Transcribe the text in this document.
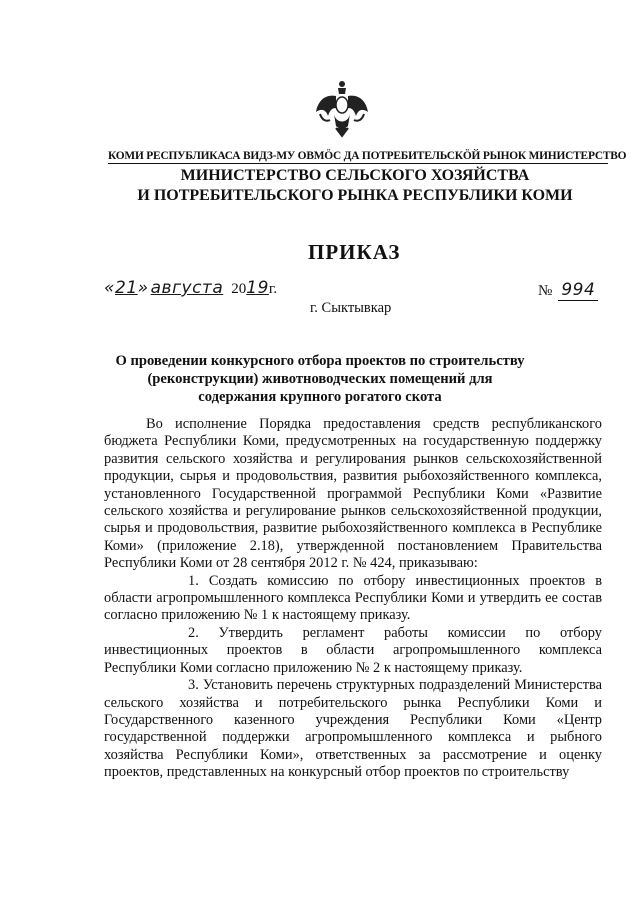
КОМИ РЕСПУБЛИКАСА ВИДЗ-МУ ОВМÖС ДА ПОТРЕБИТЕЛЬСКÖЙ РЫНОК МИНИСТЕРСТВО
МИНИСТЕРСТВО СЕЛЬСКОГО ХОЗЯЙСТВА
И ПОТРЕБИТЕЛЬСКОГО РЫНКА РЕСПУБЛИКИ КОМИ
ПРИКАЗ
«21» августа 2019г.	№ 994
г. Сыктывкар
О проведении конкурсного отбора проектов по строительству (реконструкции) животноводческих помещений для содержания крупного рогатого скота

Во исполнение Порядка предоставления средств республиканского бюджета Республики Коми, предусмотренных на государственную поддержку развития сельского хозяйства и регулирования рынков сельскохозяйственной продукции, сырья и продовольствия, развития рыбохозяйственного комплекса, установленного Государственной программой Республики Коми «Развитие сельского хозяйства и регулирование рынков сельскохозяйственной продукции, сырья и продовольствия, развитие рыбохозяйственного комплекса в Республике Коми» (приложение 2.18), утвержденной постановлением Правительства Республики Коми от 28 сентября 2012 г. № 424, приказываю:

1. Создать комиссию по отбору инвестиционных проектов в области агропромышленного комплекса Республики Коми и утвердить ее состав согласно приложению № 1 к настоящему приказу.

2. Утвердить регламент работы комиссии по отбору инвестиционных проектов в области агропромышленного комплекса Республики Коми согласно приложению № 2 к настоящему приказу.

3. Установить перечень структурных подразделений Министерства сельского хозяйства и потребительского рынка Республики Коми и Государственного казенного учреждения Республики Коми «Центр государственной поддержки агропромышленного комплекса и рыбного хозяйства Республики Коми», ответственных за рассмотрение и оценку проектов, представленных на конкурсный отбор проектов по строительству
